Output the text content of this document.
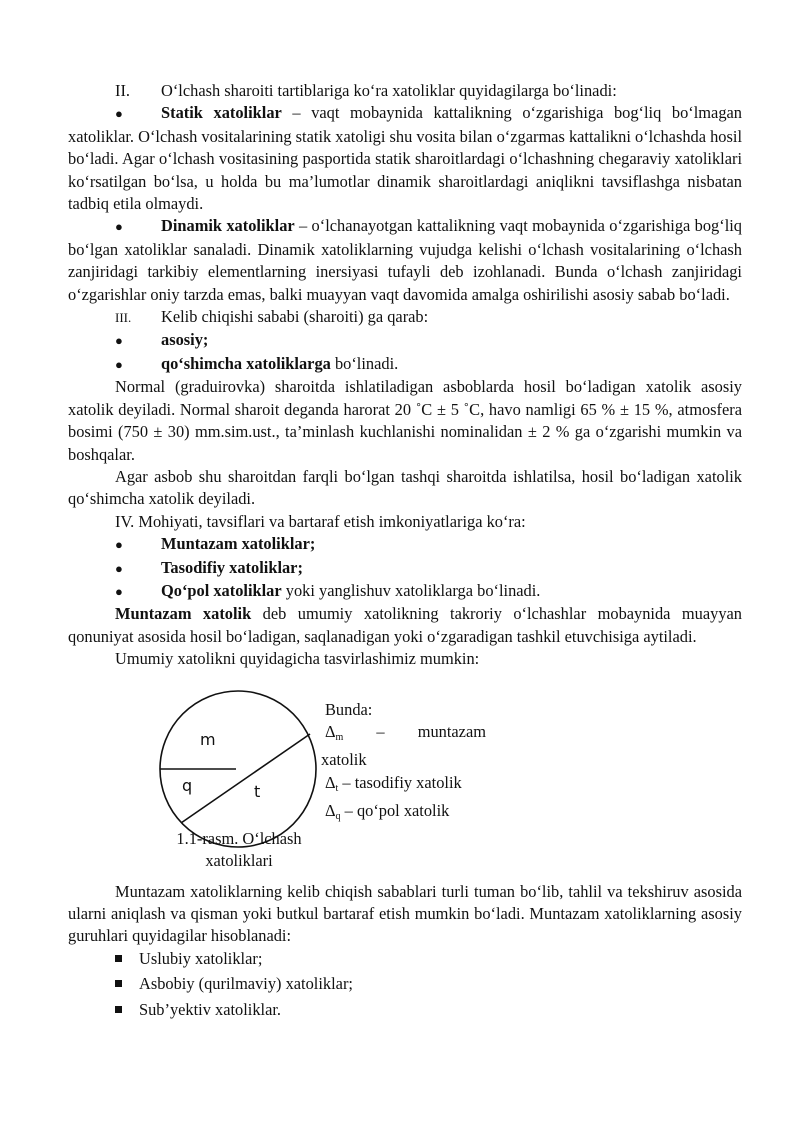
II.	O‘lchash sharoiti tartiblariga ko‘ra xatoliklar quyidagilarga bo‘linadi:

● Statik xatoliklar – vaqt mobaynida kattalikning o‘zgarishiga bog‘liq bo‘lmagan xatoliklar. O‘lchash vositalarining statik xatoligi shu vosita bilan o‘zgarmas kattalikni o‘lchashda hosil bo‘ladi. Agar o‘lchash vositasining pasportida statik sharoitlardagi o‘lchashning chegaraviy xatoliklari ko‘rsatilgan bo‘lsa, u holda bu ma’lumotlar dinamik sharoitlardagi aniqlikni tavsiflashga nisbatan tadbiq etila olmaydi.

● Dinamik xatoliklar – o‘lchanayotgan kattalikning vaqt mobaynida o‘zgarishiga bog‘liq bo‘lgan xatoliklar sanaladi. Dinamik xatoliklarning vujudga kelishi o‘lchash vositalarining o‘lchash zanjiridagi tarkibiy elementlarning inersiyasi tufayli deb izohlanadi. Bunda o‘lchash zanjiridagi o‘zgarishlar oniy tarzda emas, balki muayyan vaqt davomida amalga oshirilishi asosiy sabab bo‘ladi.

III.	Kelib chiqishi sababi (sharoiti) ga qarab:
●	asosiy;
●	qo‘shimcha xatoliklarga bo‘linadi.

Normal (graduirovka) sharoitda ishlatiladigan asboblarda hosil bo‘ladigan xatolik asosiy xatolik deyiladi. Normal sharoit deganda harorat 20 ˚C ± 5 ˚C, havo namligi 65 % ± 15 %, atmosfera bosimi (750 ± 30) mm.sim.ust., ta’minlash kuchlanishi nominalidan ± 2 % ga o‘zgarishi mumkin va boshqalar.

Agar asbob shu sharoitdan farqli bo‘lgan tashqi sharoitda ishlatilsa, hosil bo‘ladigan xatolik qo‘shimcha xatolik deyiladi.

IV. Mohiyati, tavsiflari va bartaraf etish imkoniyatlariga ko‘ra:

●	Muntazam xatoliklar;
●	Tasodifiy xatoliklar;
●	Qo‘pol xatoliklar yoki yanglishuv xatoliklarga bo‘linadi.

Muntazam xatolik deb umumiy xatolikning takroriy o‘lchashlar mobaynida muayyan qonuniyat asosida hosil bo‘ladigan, saqlanadigan yoki o‘zgaradigan tashkil etuvchisiga aytiladi.

Umumiy xatolikni quyidagicha tasvirlashimiz mumkin:

m
q	t
Bunda:
$\Delta_m$ – muntazam
xatolik
$\Delta_t$ – tasodifiy xatolik
$\Delta_q$ – qo‘pol xatolik
1.1-rasm. O‘lchash xatoliklari

Muntazam xatoliklarning kelib chiqish sabablari turli tuman bo‘lib, tahlil va tekshiruv asosida ularni aniqlash va qisman yoki butkul bartaraf etish mumkin bo‘ladi. Muntazam xatoliklarning asosiy guruhlari quyidagilar hisoblanadi:

Uslubiy xatoliklar;
Asbobiy (qurilmaviy) xatoliklar;
Sub’yektiv xatoliklar.
